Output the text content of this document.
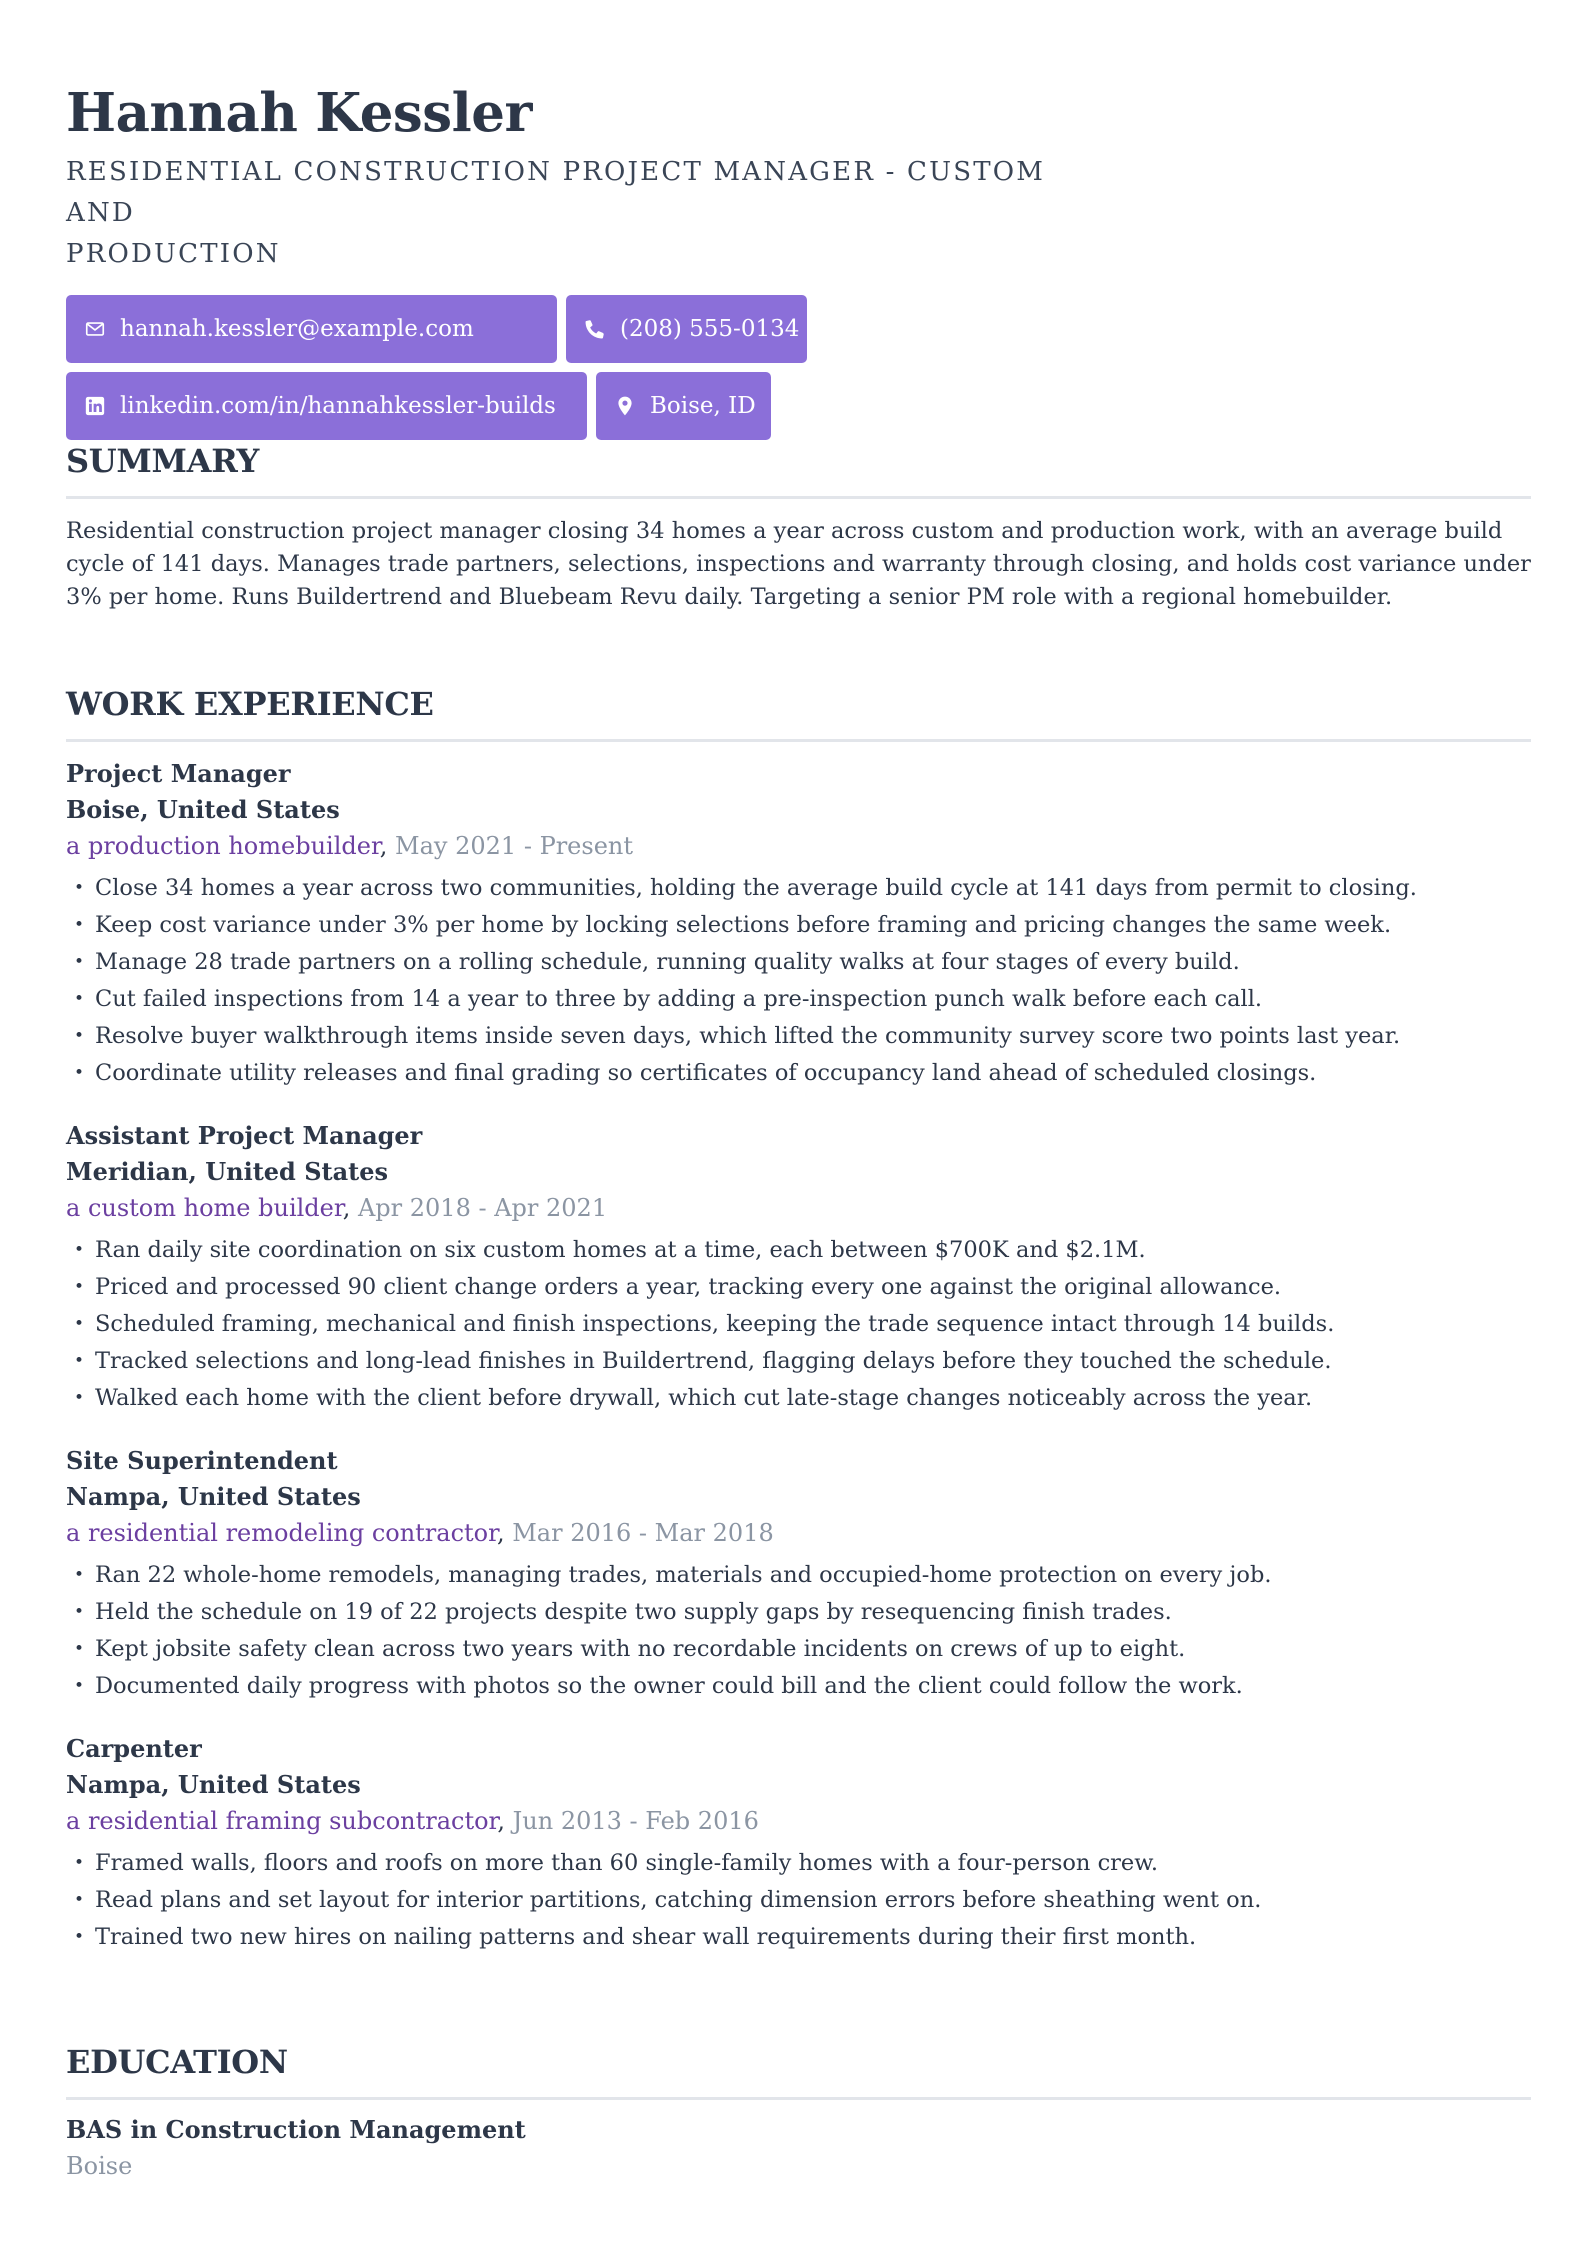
Hannah Kessler
RESIDENTIAL CONSTRUCTION PROJECT MANAGER - CUSTOM AND
PRODUCTION
hannah.kessler@example.com	(208) 555-0134
linkedin.com/in/hannahkessler-builds	Boise, ID
SUMMARY
Residential construction project manager closing 34 homes a year across custom and production work, with an average build cycle of 141 days. Manages trade partners, selections, inspections and warranty through closing, and holds cost variance under 3% per home. Runs Buildertrend and Bluebeam Revu daily. Targeting a senior PM role with a regional homebuilder.
WORK EXPERIENCE
Project Manager
Boise, United States
a production homebuilder, May 2021 - Present
• Close 34 homes a year across two communities, holding the average build cycle at 141 days from permit to closing.
• Keep cost variance under 3% per home by locking selections before framing and pricing changes the same week.
• Manage 28 trade partners on a rolling schedule, running quality walks at four stages of every build.
• Cut failed inspections from 14 a year to three by adding a pre-inspection punch walk before each call.
• Resolve buyer walkthrough items inside seven days, which lifted the community survey score two points last year.
• Coordinate utility releases and final grading so certificates of occupancy land ahead of scheduled closings.
Assistant Project Manager
Meridian, United States
a custom home builder, Apr 2018 - Apr 2021
• Ran daily site coordination on six custom homes at a time, each between $700K and $2.1M.
• Priced and processed 90 client change orders a year, tracking every one against the original allowance.
• Scheduled framing, mechanical and finish inspections, keeping the trade sequence intact through 14 builds.
• Tracked selections and long-lead finishes in Buildertrend, flagging delays before they touched the schedule.
• Walked each home with the client before drywall, which cut late-stage changes noticeably across the year.
Site Superintendent
Nampa, United States
a residential remodeling contractor, Mar 2016 - Mar 2018
• Ran 22 whole-home remodels, managing trades, materials and occupied-home protection on every job.
• Held the schedule on 19 of 22 projects despite two supply gaps by resequencing finish trades.
• Kept jobsite safety clean across two years with no recordable incidents on crews of up to eight.
• Documented daily progress with photos so the owner could bill and the client could follow the work.
Carpenter
Nampa, United States
a residential framing subcontractor, Jun 2013 - Feb 2016
• Framed walls, floors and roofs on more than 60 single-family homes with a four-person crew.
• Read plans and set layout for interior partitions, catching dimension errors before sheathing went on.
• Trained two new hires on nailing patterns and shear wall requirements during their first month.
EDUCATION
BAS in Construction Management
Boise
